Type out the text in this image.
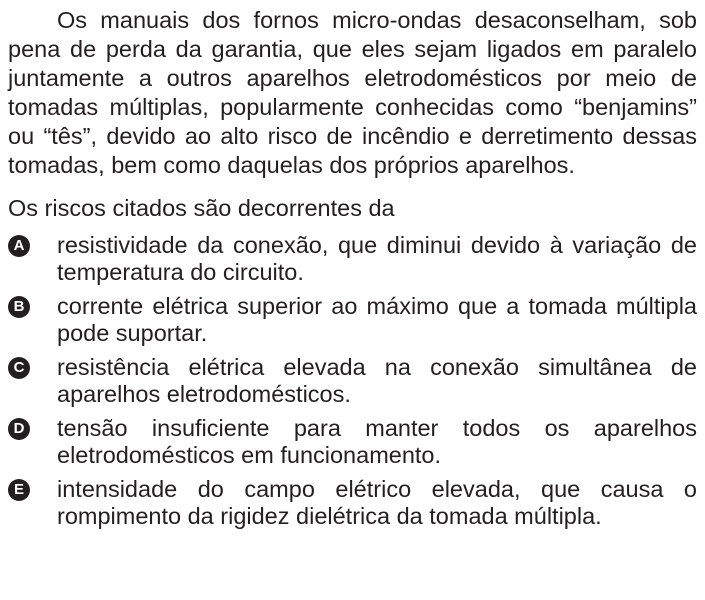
Os manuais dos fornos micro-ondas desaconselham, sob pena de perda da garantia, que eles sejam ligados em paralelo juntamente a outros aparelhos eletrodomésticos por meio de tomadas múltiplas, popularmente conhecidas como “benjamins” ou “tês”, devido ao alto risco de incêndio e derretimento dessas tomadas, bem como daquelas dos próprios aparelhos.

Os riscos citados são decorrentes da

A resistividade da conexão, que diminui devido à variação de temperatura do circuito.
B corrente elétrica superior ao máximo que a tomada múltipla pode suportar.
C resistência elétrica elevada na conexão simultânea de aparelhos eletrodomésticos.
D tensão insuficiente para manter todos os aparelhos eletrodomésticos em funcionamento.
E intensidade do campo elétrico elevada, que causa o rompimento da rigidez dielétrica da tomada múltipla.
